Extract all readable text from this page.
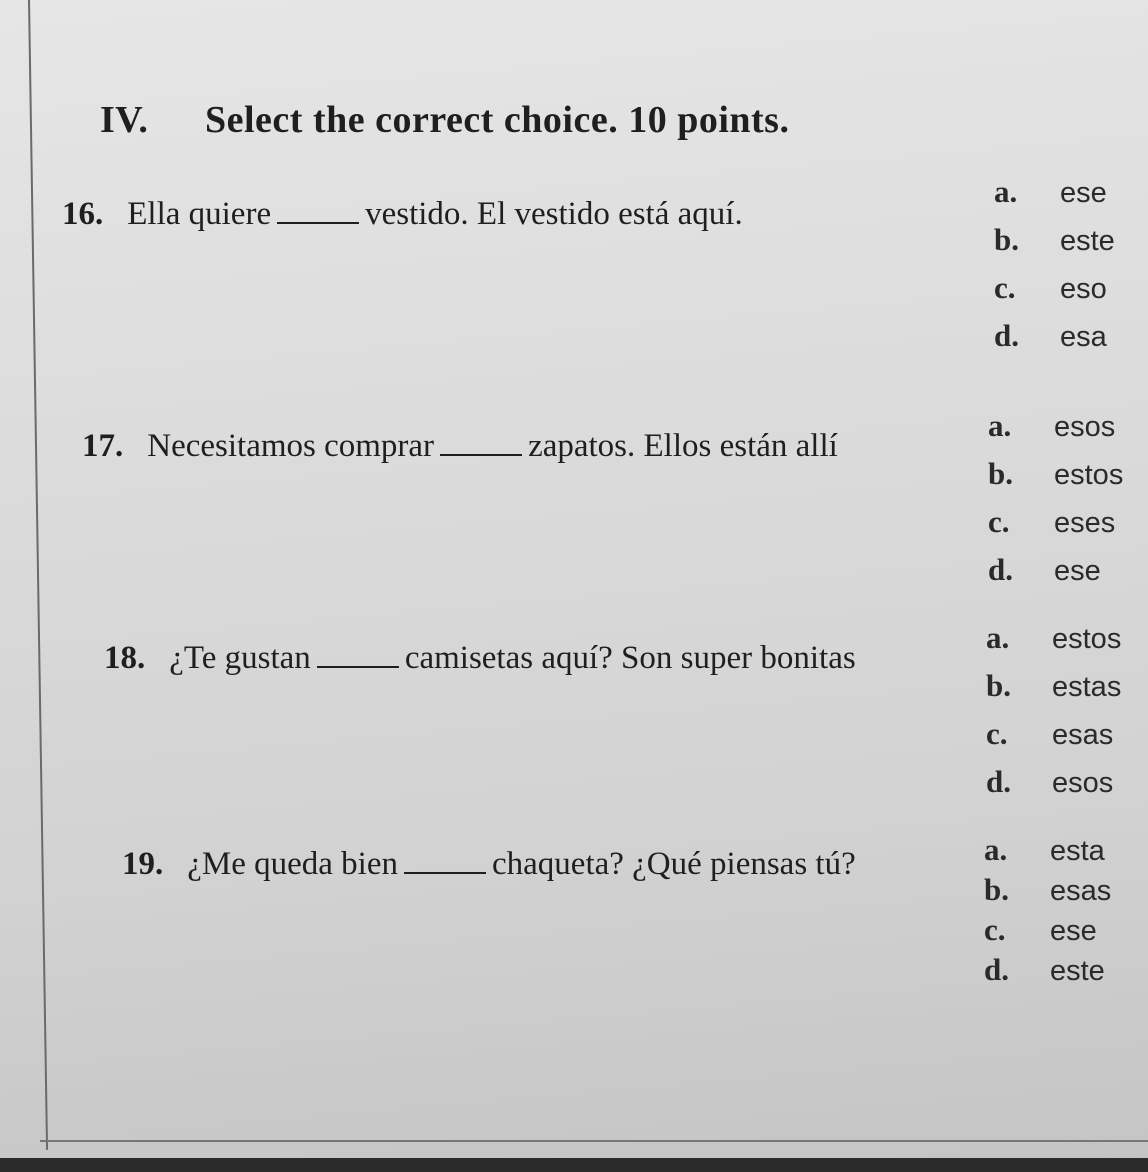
IV. Select the correct choice. 10 points.
16. Ella quiere	vestido. El vestido está aquí.
a. ese
b. este
c. eso
d. esa
17. Necesitamos comprar	zapatos. Ellos están allí
a. esos
b. estos
c. eses
d. ese
18. ¿Te gustan	camisetas aquí? Son super bonitas
a. estos
b. estas
c. esas
d. esos
19. ¿Me queda bien	chaqueta? ¿Qué piensas tú?	a. esta
b. esas
c. ese
d. este
